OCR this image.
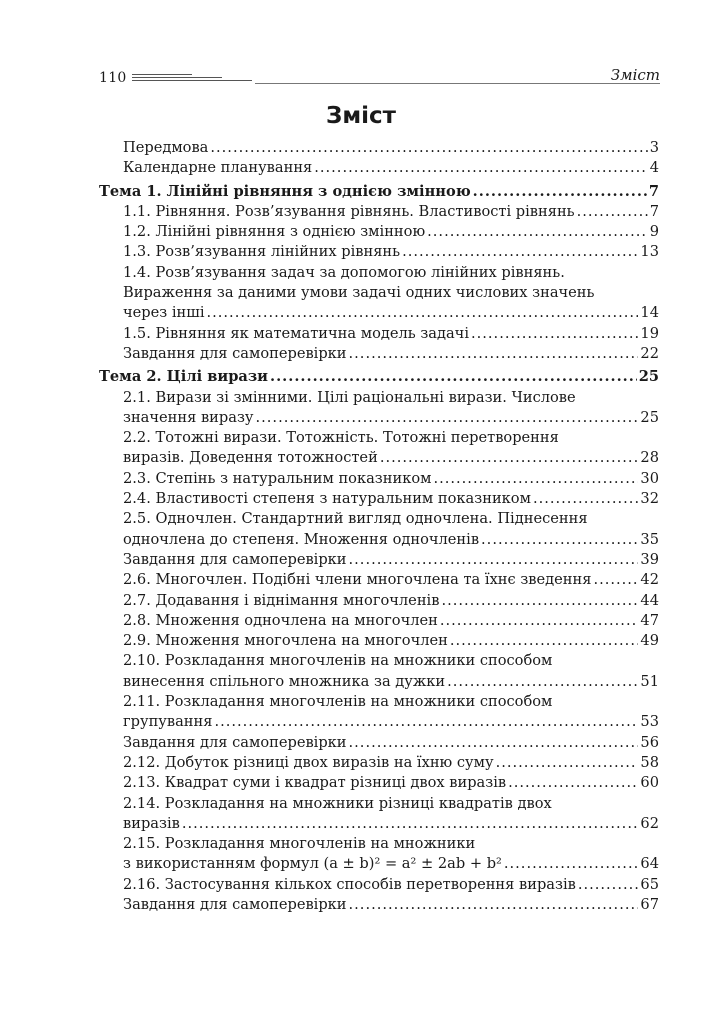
110	Зміст
Зміст
Передмова .....	3
Календарне планування .....	4
Тема 1. Лінійні рівняння з однією змінною .....	7
1.1. Рівняння. Розв’язування рівнянь. Властивості рівнянь .....	7
1.2. Лінійні рівняння з однією змінною .....	9
1.3. Розв’язування лінійних рівнянь .....	13
1.4. Розв’язування задач за допомогою лінійних рівнянь.
Вираження за даними умови задачі одних числових значень
через інші .....	14
1.5. Рівняння як математична модель задачі .....	19
Завдання для самоперевірки .....	22
Тема 2. Цілі вирази .....	25
2.1. Вирази зі змінними. Цілі раціональні вирази. Числове
значення виразу .....	25
2.2. Тотожні вирази. Тотожність. Тотожні перетворення
виразів. Доведення тотожностей .....	28
2.3. Степінь з натуральним показником .....	30
2.4. Властивості степеня з натуральним показником .....	32
2.5. Одночлен. Стандартний вигляд одночлена. Піднесення
одночлена до степеня. Множення одночленів .....	35
Завдання для самоперевірки .....	39
2.6. Многочлен. Подібні члени многочлена та їхнє зведення .....	42
2.7. Додавання і віднімання многочленів .....	44
2.8. Множення одночлена на многочлен .....	47
2.9. Множення многочлена на многочлен .....	49
2.10. Розкладання многочленів на множники способом
винесення спільного множника за дужки .....	51
2.11. Розкладання многочленів на множники способом
групування .....	53
Завдання для самоперевірки .....	56
2.12. Добуток різниці двох виразів на їхню суму .....	58
2.13. Квадрат суми і квадрат різниці двох виразів .....	60
2.14. Розкладання на множники різниці квадратів двох
виразів .....	62
2.15. Розкладання многочленів на множники
з використанням формул (a ± b)² = a² ± 2ab + b² .....	64
2.16. Застосування кількох способів перетворення виразів .....	65
Завдання для самоперевірки .....	67
